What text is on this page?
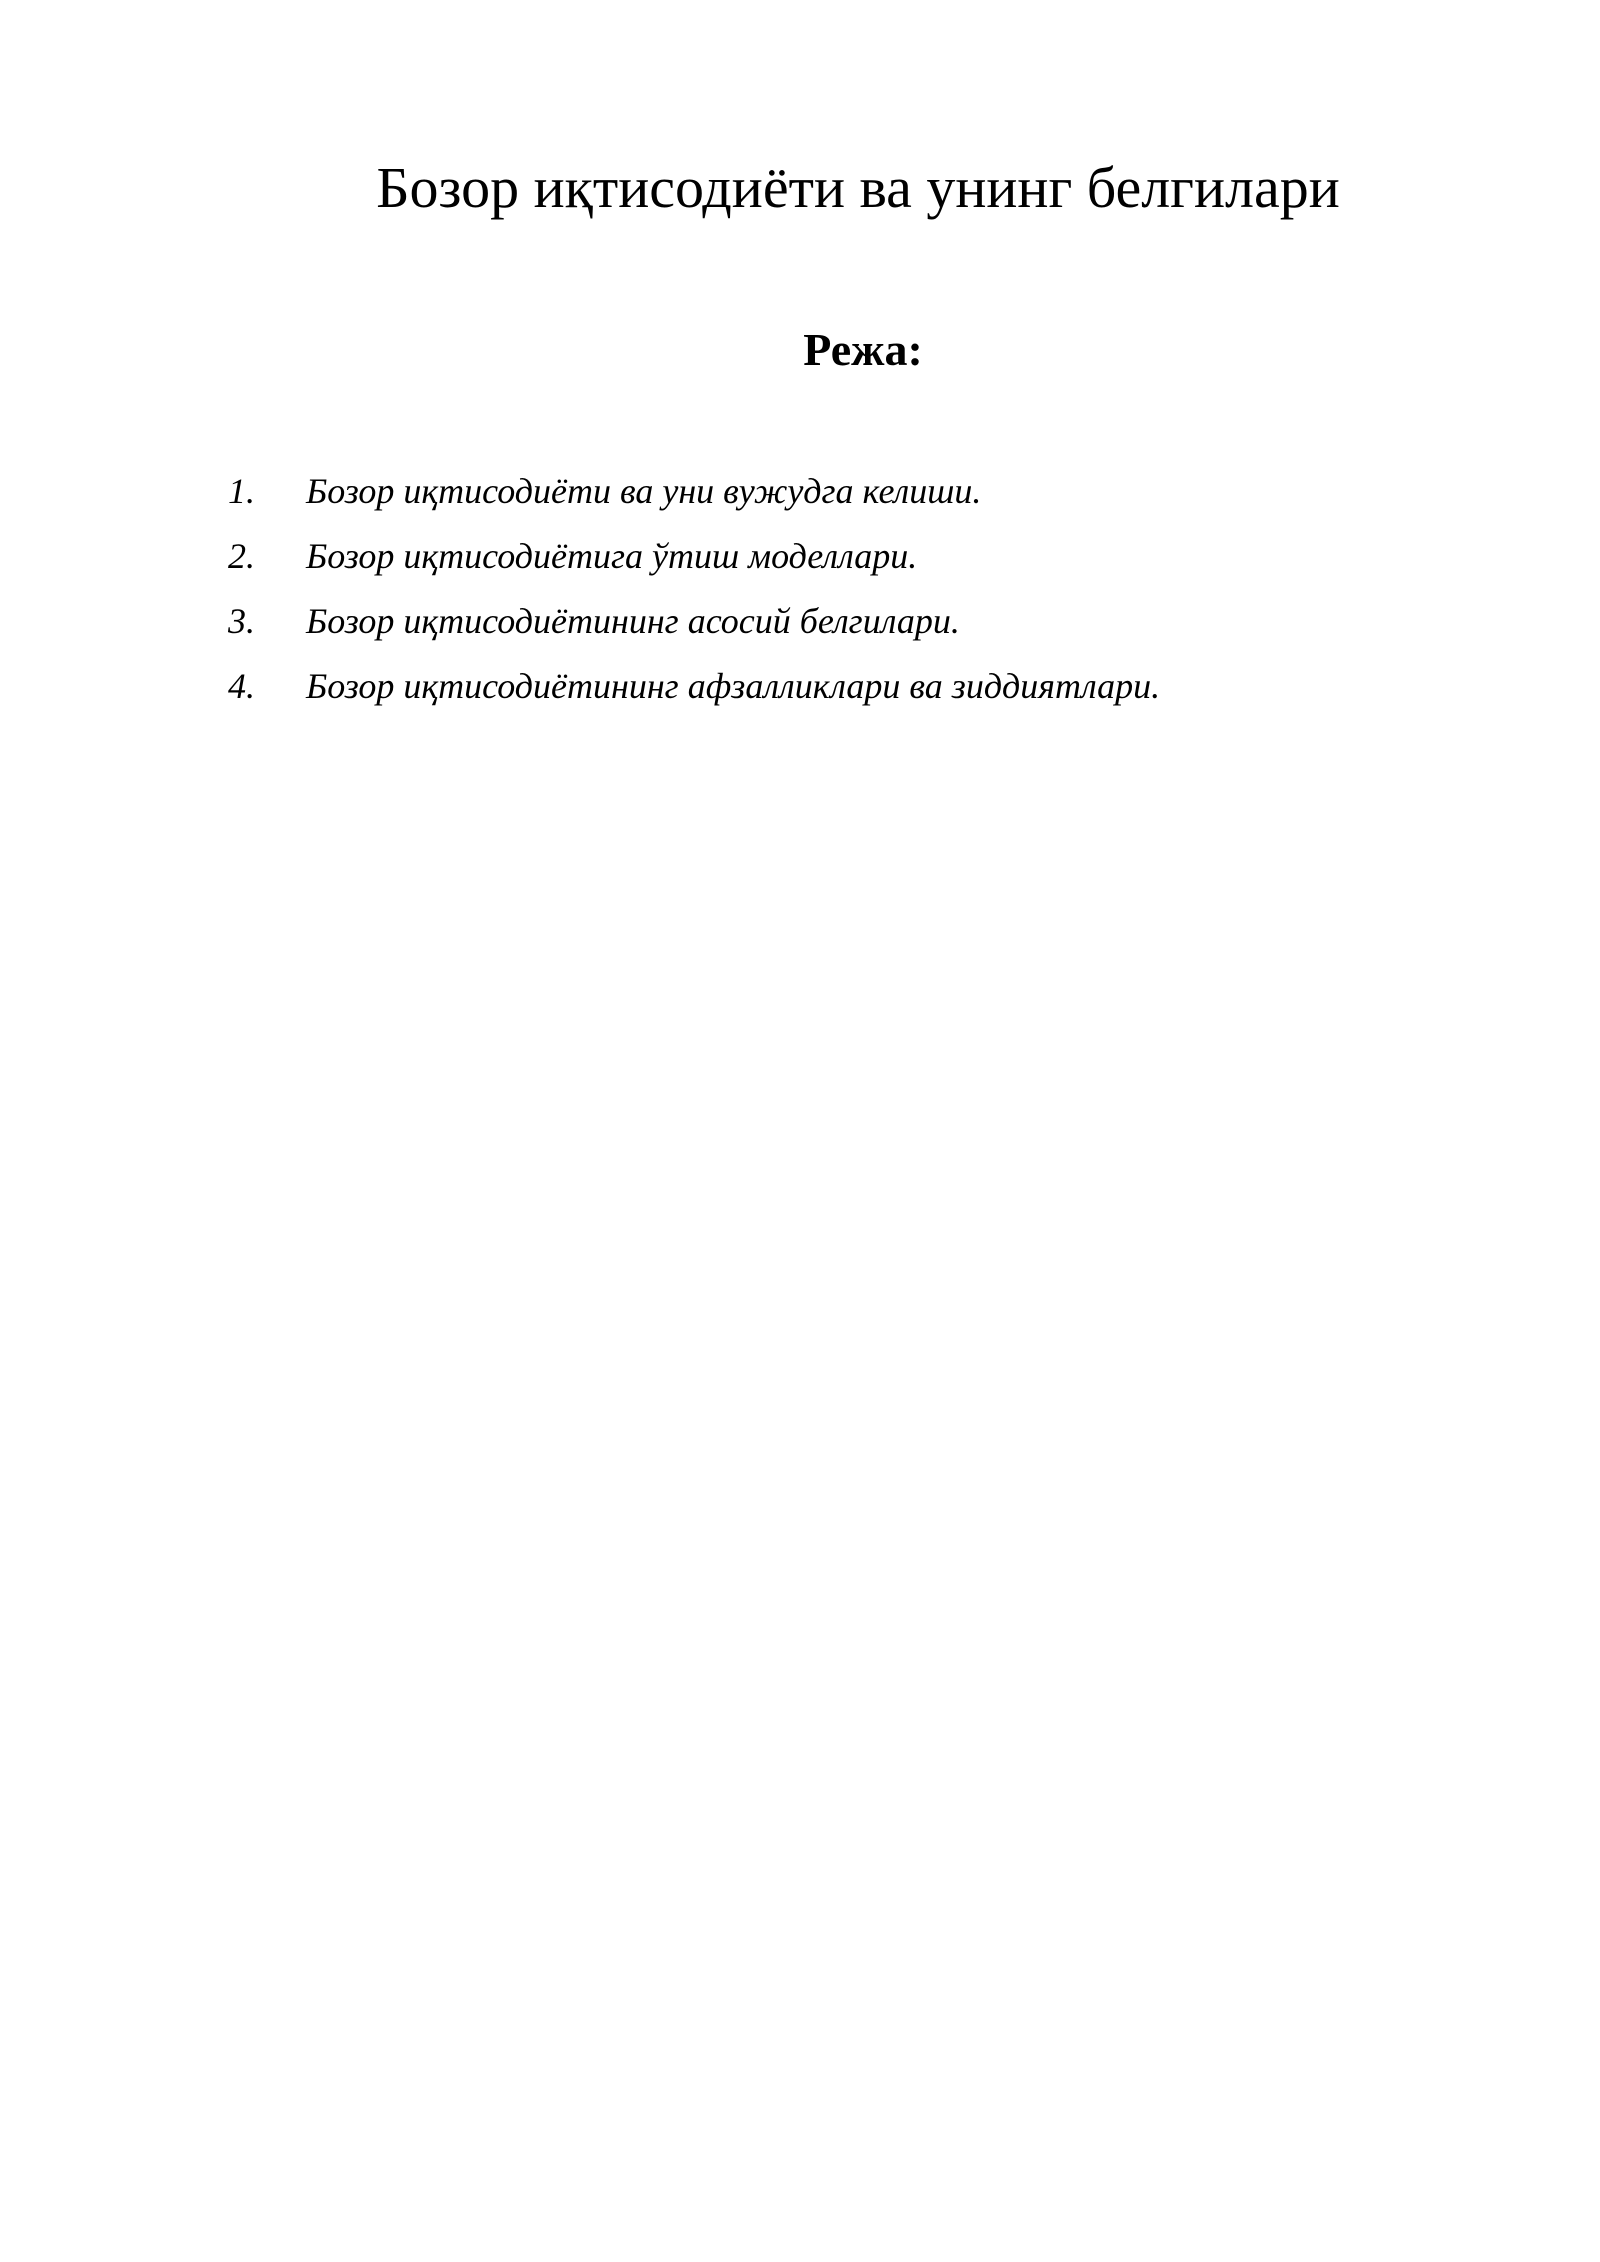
Бозор иқтисодиёти ва унинг белгилари
Режа:
1.	Бозор иқтисодиёти ва уни вужудга келиши.
2.	Бозор иқтисодиётига ўтиш моделлари.
3.	Бозор иқтисодиётининг асосий белгилари.
4.	Бозор иқтисодиётининг афзалликлари ва зиддиятлари.
